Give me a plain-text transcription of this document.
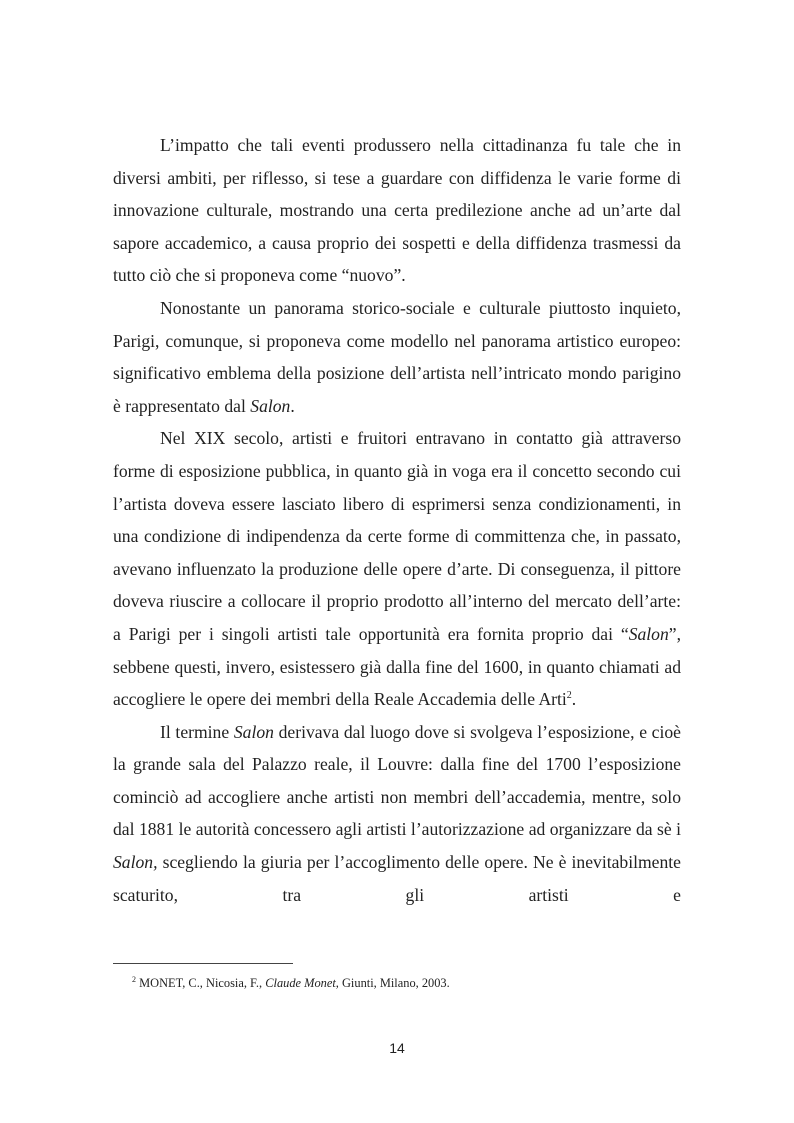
L’impatto che tali eventi produssero nella cittadinanza fu tale che in diversi ambiti, per riflesso, si tese a guardare con diffidenza le varie forme di innovazione culturale, mostrando una certa predilezione anche ad un’arte dal sapore accademico, a causa proprio dei sospetti e della diffidenza trasmessi da tutto ciò che si proponeva come “nuovo”.

Nonostante un panorama storico-sociale e culturale piuttosto inquieto, Parigi, comunque, si proponeva come modello nel panorama artistico europeo: significativo emblema della posizione dell’artista nell’intricato mondo parigino è rappresentato dal Salon.

Nel XIX secolo, artisti e fruitori entravano in contatto già attraverso forme di esposizione pubblica, in quanto già in voga era il concetto secondo cui l’artista doveva essere lasciato libero di esprimersi senza condizionamenti, in una condizione di indipendenza da certe forme di committenza che, in passato, avevano influenzato la produzione delle opere d’arte. Di conseguenza, il pittore doveva riuscire a collocare il proprio prodotto all’interno del mercato dell’arte: a Parigi per i singoli artisti tale opportunità era fornita proprio dai “Salon”, sebbene questi, invero, esistessero già dalla fine del 1600, in quanto chiamati ad accogliere le opere dei membri della Reale Accademia delle Arti$^2$.

Il termine Salon derivava dal luogo dove si svolgeva l’esposizione, e cioè la grande sala del Palazzo reale, il Louvre: dalla fine del 1700 l’esposizione cominciò ad accogliere anche artisti non membri dell’accademia, mentre, solo dal 1881 le autorità concessero agli artisti l’autorizzazione ad organizzare da sè i Salon, scegliendo la giuria per l’accoglimento delle opere. Ne è inevitabilmente scaturito, tra gli artisti e

$^2$ MONET, C., Nicosia, F., Claude Monet, Giunti, Milano, 2003.

14
